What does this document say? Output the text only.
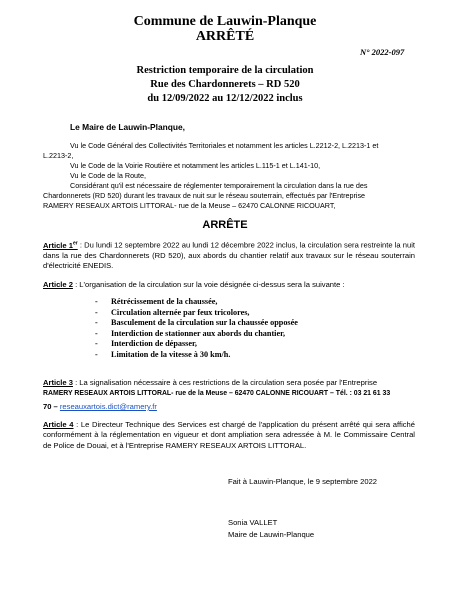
Commune de Lauwin-Planque
ARRÊTÉ
N° 2022-097
Restriction temporaire de la circulation
Rue des Chardonnerets – RD 520
du 12/09/2022 au 12/12/2022 inclus
Le Maire de Lauwin-Planque,
Vu le Code Général des Collectivités Territoriales et notamment les articles L.2212-2, L.2213-1 et
L.2213-2,
Vu le Code de la Voirie Routière et notamment les articles L.115-1 et L.141-10,
Vu le Code de la Route,
Considérant qu'il est nécessaire de réglementer temporairement la circulation dans la rue des
Chardonnerets (RD 520) durant les travaux de nuit sur le réseau souterrain, effectués par l'Entreprise
RAMERY RESEAUX ARTOIS LITTORAL- rue de la Meuse – 62470 CALONNE RICOUART,
ARRÊTE
Article 1er : Du lundi 12 septembre 2022 au lundi 12 décembre 2022 inclus, la circulation sera restreinte la nuit dans la rue des Chardonnerets (RD 520), aux abords du chantier relatif aux travaux sur le réseau souterrain d'électricité ENEDIS.
Article 2 : L'organisation de la circulation sur la voie désignée ci-dessus sera la suivante :
- Rétrécissement de la chaussée,
- Circulation alternée par feux tricolores,
- Basculement de la circulation sur la chaussée opposée
- Interdiction de stationner aux abords du chantier,
- Interdiction de dépasser,
- Limitation de la vitesse à 30 km/h.
Article 3 : La signalisation nécessaire à ces restrictions de la circulation sera posée par l'Entreprise
RAMERY RESEAUX ARTOIS LITTORAL- rue de la Meuse – 62470 CALONNE RICOUART – Tél. : 03 21 61 33
70 – reseauxartois.dict@ramery.fr
Article 4 : Le Directeur Technique des Services est chargé de l'application du présent arrêté qui sera affiché conformément à la réglementation en vigueur et dont ampliation sera adressée à M. le Commissaire Central de Police de Douai, et à l'Entreprise RAMERY RESEAUX ARTOIS LITTORAL.
Fait à Lauwin-Planque, le 9 septembre 2022
Sonia VALLET
Maire de Lauwin-Planque
